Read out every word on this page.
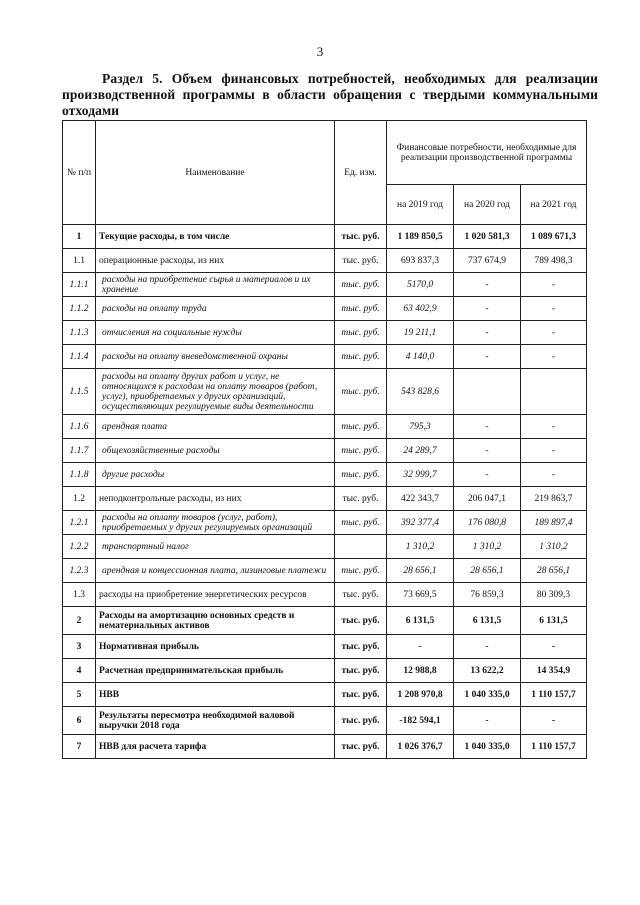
3
Раздел 5. Объем финансовых потребностей, необходимых для реализации
производственной программы в области обращения с твердыми коммунальными
отходами
№ п/п	Наименование	Ед. изм.	Финансовые потребности, необходимые для реализации производственной программы		
			на 2019 год	на 2020 год	на 2021 год
1	Текущие расходы, в том числе	тыс. руб.	1 189 850,5	1 020 581,3	1 089 671,3
1.1	операционные расходы, из них	тыс. руб.	693 837,3	737 674,9	789 498,3
1.1.1	расходы на приобретение сырья и материалов и их хранение	тыс. руб.	5170,0	-	-
1.1.2	расходы на оплату труда	тыс. руб.	63 402,9	-	-
1.1.3	отчисления на социальные нужды	тыс. руб.	19 211,1	-	-
1.1.4	расходы на оплату вневедомственной охраны	тыс. руб.	4 140,0	-	-
1.1.5	расходы на оплату других работ и услуг, не относящихся к расходам на оплату товаров (работ, услуг), приобретаемых у других организаций, осуществляющих регулируемые виды деятельности	тыс. руб.	543 828,6		
1.1.6	арендная плата	тыс. руб.	795,3	-	-
1.1.7	общехозяйственные расходы	тыс. руб.	24 289,7	-	-
1.1.8	другие расходы	тыс. руб.	32 999,7	-	-
1.2	неподконтрольные расходы, из них	тыс. руб.	422 343,7	206 047,1	219 863,7
1.2.1	расходы на оплату товаров (услуг, работ), приобретаемых у других регулируемых организаций	тыс. руб.	392 377,4	176 080,8	189 897,4
1.2.2	транспортный налог		1 310,2	1 310,2	1 310,2
1.2.3	арендная и концессионная плата, лизинговые платежи	тыс. руб.	28 656,1	28 656,1	28 656,1
1.3	расходы на приобретение энергетических ресурсов	тыс. руб.	73 669,5	76 859,3	80 309,3
2	Расходы на амортизацию основных средств и нематериальных активов	тыс. руб.	6 131,5	6 131,5	6 131,5
3	Нормативная прибыль	тыс. руб.	-	-	-
4	Расчетная предпринимательская прибыль	тыс. руб.	12 988,8	13 622,2	14 354,9
5	НВВ	тыс. руб.	1 208 970,8	1 040 335,0	1 110 157,7
6	Результаты пересмотра необходимой валовой выручки 2018 года	тыс. руб.	-182 594,1	-	-
7	НВВ для расчета тарифа	тыс. руб.	1 026 376,7	1 040 335,0	1 110 157,7
